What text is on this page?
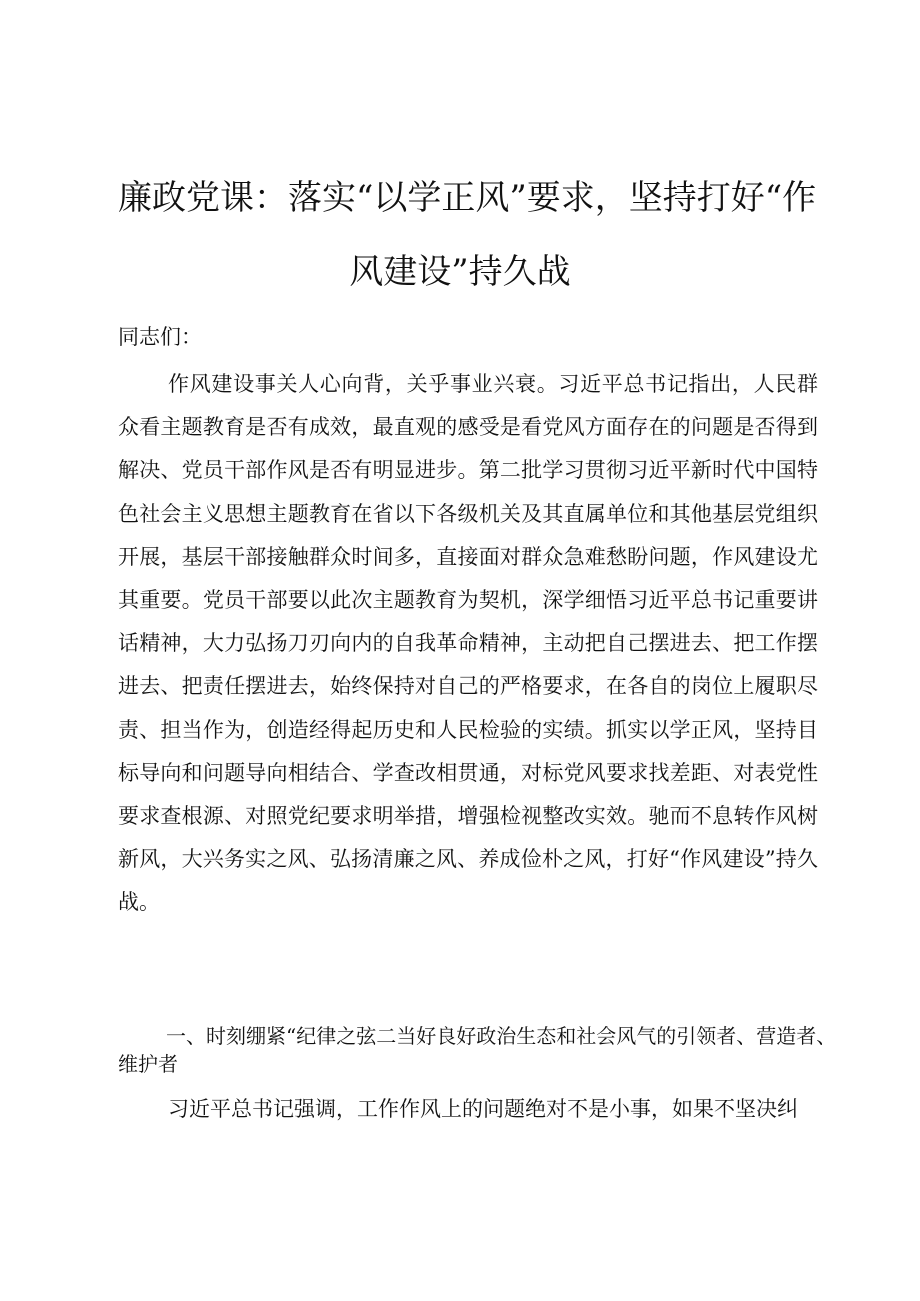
廉政党课：落实“以学正风”要求，坚持打好“作
风建设”持久战
同志们：
作风建设事关人心向背，关乎事业兴衰。习近平总书记指出，人民群众看主题教育是否有成效，最直观的感受是看党风方面存在的问题是否得到解决、党员干部作风是否有明显进步。第二批学习贯彻习近平新时代中国特色社会主义思想主题教育在省以下各级机关及其直属单位和其他基层党组织开展，基层干部接触群众时间多，直接面对群众急难愁盼问题，作风建设尤其重要。党员干部要以此次主题教育为契机，深学细悟习近平总书记重要讲话精神，大力弘扬刀刃向内的自我革命精神，主动把自己摆进去、把工作摆进去、把责任摆进去，始终保持对自己的严格要求，在各自的岗位上履职尽责、担当作为，创造经得起历史和人民检验的实绩。抓实以学正风，坚持目标导向和问题导向相结合、学查改相贯通，对标党风要求找差距、对表党性要求查根源、对照党纪要求明举措，增强检视整改实效。驰而不息转作风树新风，大兴务实之风、弘扬清廉之风、养成俭朴之风，打好“作风建设”持久战。
一、时刻绷紧“纪律之弦二当好良好政治生态和社会风气的引领者、营造者、维护者
习近平总书记强调，工作作风上的问题绝对不是小事，如果不坚决纠
